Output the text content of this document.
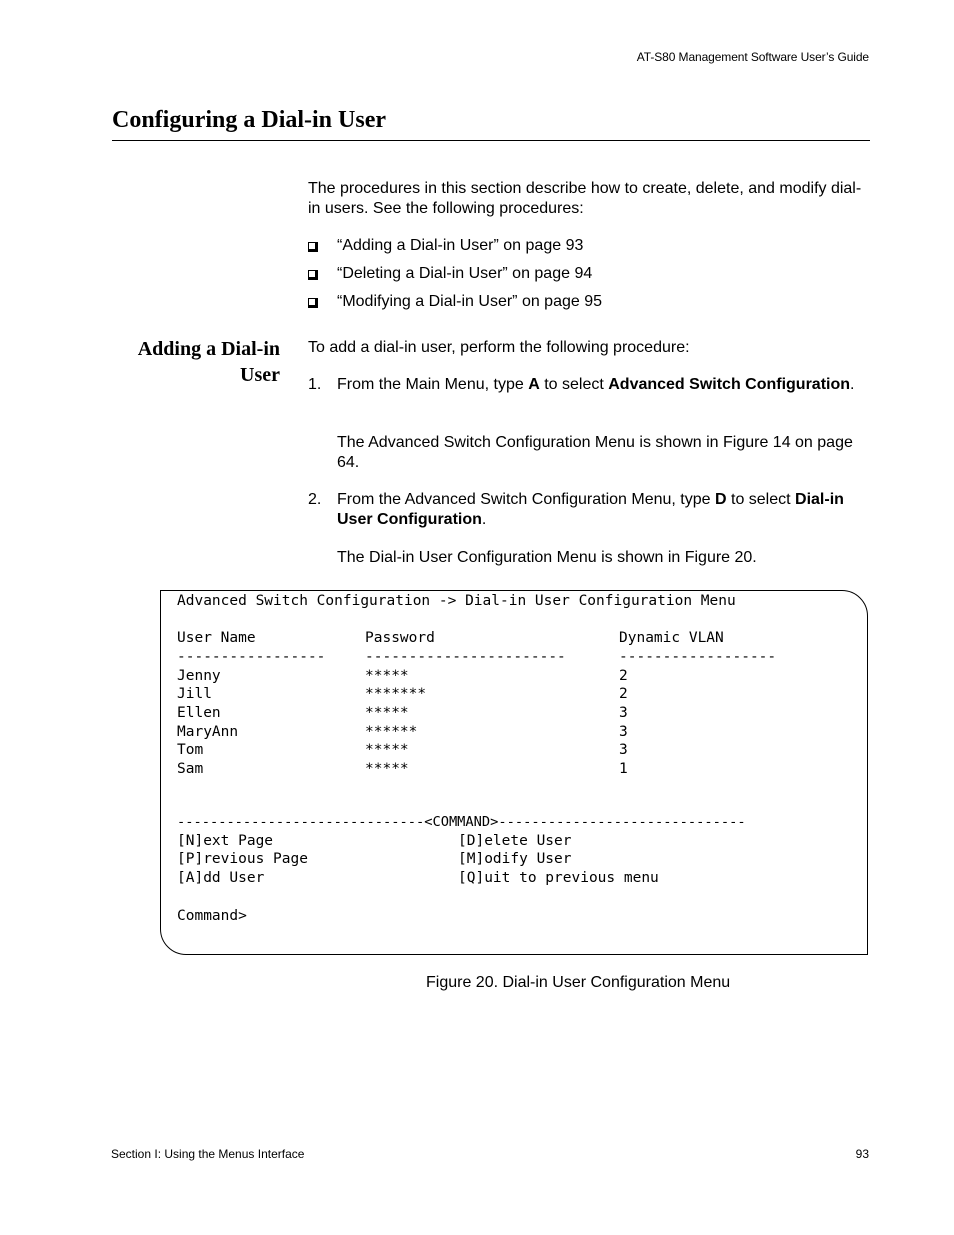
AT-S80 Management Software User’s Guide
Configuring a Dial-in User

The procedures in this section describe how to create, delete, and modify dial-in users. See the following procedures:

“Adding a Dial-in User” on page 93
“Deleting a Dial-in User” on page 94
“Modifying a Dial-in User” on page 95
Adding a Dial-in User

To add a dial-in user, perform the following procedure:

1. From the Main Menu, type A to select Advanced Switch Configuration.

The Advanced Switch Configuration Menu is shown in Figure 14 on page 64.

2. From the Advanced Switch Configuration Menu, type D to select Dial-in User Configuration.

The Dial-in User Configuration Menu is shown in Figure 20.

Advanced Switch Configuration -> Dial-in User Configuration Menu
User Name	Password	Dynamic VLAN
-----------------	-----------------------	------------------
Jenny	*****	2
Jill	*******	2
Ellen	*****	3
MaryAnn	******	3
Tom	*****	3
Sam	*****	1
------------------------------<COMMAND>------------------------------
[N]ext Page	[D]elete User
[P]revious Page	[M]odify User
[A]dd User	[Q]uit to previous menu
Command>
Figure 20. Dial-in User Configuration Menu
Section I: Using the Menus Interface	93
